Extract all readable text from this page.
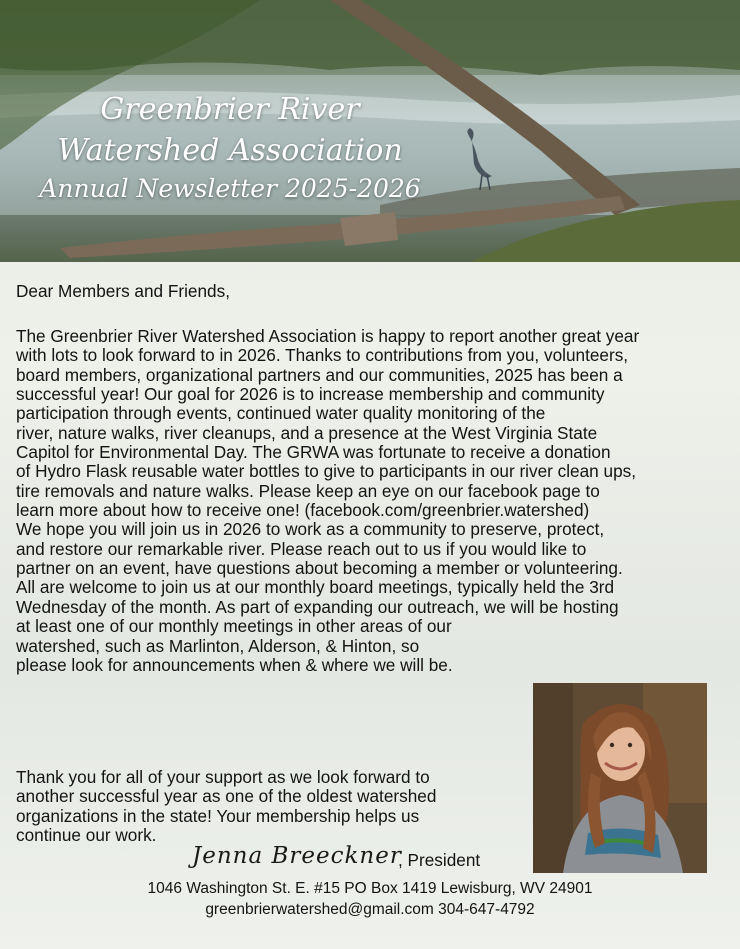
Greenbrier River
Watershed Association
Annual Newsletter 2025-2026
Dear Members and Friends,
The Greenbrier River Watershed Association is happy to report another great year
with lots to look forward to in 2026. Thanks to contributions from you, volunteers,
board members, organizational partners and our communities, 2025 has been a
successful year! Our goal for 2026 is to increase membership and community
participation through events, continued water quality monitoring of the
river, nature walks, river cleanups, and a presence at the West Virginia State
Capitol for Environmental Day. The GRWA was fortunate to receive a donation
of Hydro Flask reusable water bottles to give to participants in our river clean ups,
tire removals and nature walks. Please keep an eye on our facebook page to
learn more about how to receive one! (facebook.com/greenbrier.watershed)
We hope you will join us in 2026 to work as a community to preserve, protect,
and restore our remarkable river. Please reach out to us if you would like to
partner on an event, have questions about becoming a member or volunteering.
All are welcome to join us at our monthly board meetings, typically held the 3rd
Wednesday of the month. As part of expanding our outreach, we will be hosting
at least one of our monthly meetings in other areas of our
watershed, such as Marlinton, Alderson, & Hinton, so
please look for announcements when & where we will be.
Thank you for all of your support as we look forward to
another successful year as one of the oldest watershed
organizations in the state! Your membership helps us
continue our work.
Jenna Breeckner
, President
1046 Washington St. E. #15 PO Box 1419 Lewisburg, WV 24901
greenbrierwatershed@gmail.com 304-647-4792
